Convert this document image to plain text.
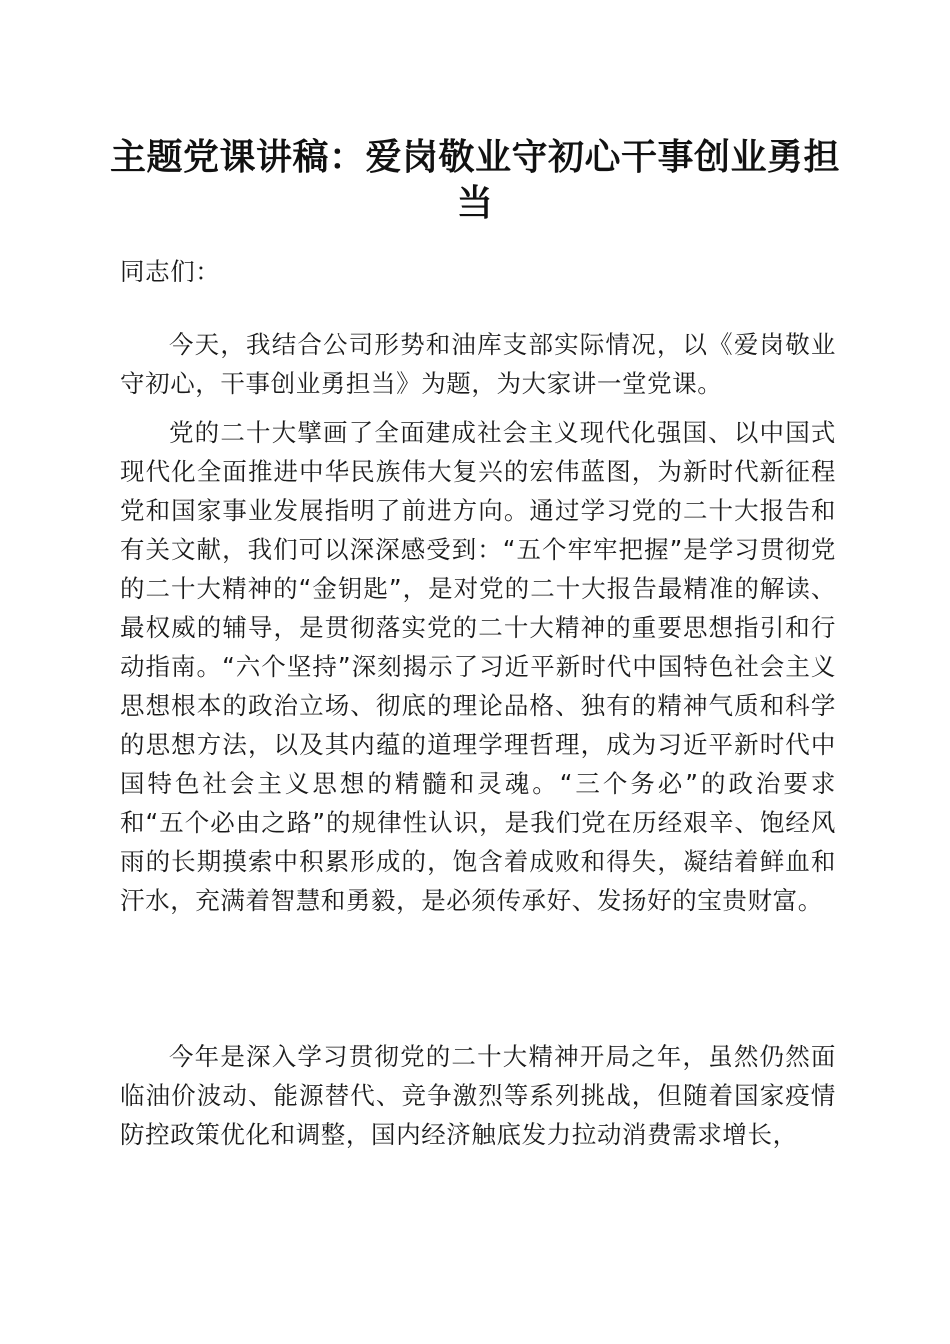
主题党课讲稿：爱岗敬业守初心干事创业勇担当

同志们：

今天，我结合公司形势和油库支部实际情况，以《爱岗敬业守初心，干事创业勇担当》为题，为大家讲一堂党课。

党的二十大擘画了全面建成社会主义现代化强国、以中国式现代化全面推进中华民族伟大复兴的宏伟蓝图，为新时代新征程党和国家事业发展指明了前进方向。通过学习党的二十大报告和有关文献，我们可以深深感受到：“五个牢牢把握”是学习贯彻党的二十大精神的“金钥匙”，是对党的二十大报告最精准的解读、最权威的辅导，是贯彻落实党的二十大精神的重要思想指引和行动指南。“六个坚持”深刻揭示了习近平新时代中国特色社会主义思想根本的政治立场、彻底的理论品格、独有的精神气质和科学的思想方法，以及其内蕴的道理学理哲理，成为习近平新时代中国特色社会主义思想的精髓和灵魂。“三个务必”的政治要求和“五个必由之路”的规律性认识，是我们党在历经艰辛、饱经风雨的长期摸索中积累形成的，饱含着成败和得失，凝结着鲜血和汗水，充满着智慧和勇毅，是必须传承好、发扬好的宝贵财富。

今年是深入学习贯彻党的二十大精神开局之年，虽然仍然面临油价波动、能源替代、竞争激烈等系列挑战，但随着国家疫情防控政策优化和调整，国内经济触底发力拉动消费需求增长，
